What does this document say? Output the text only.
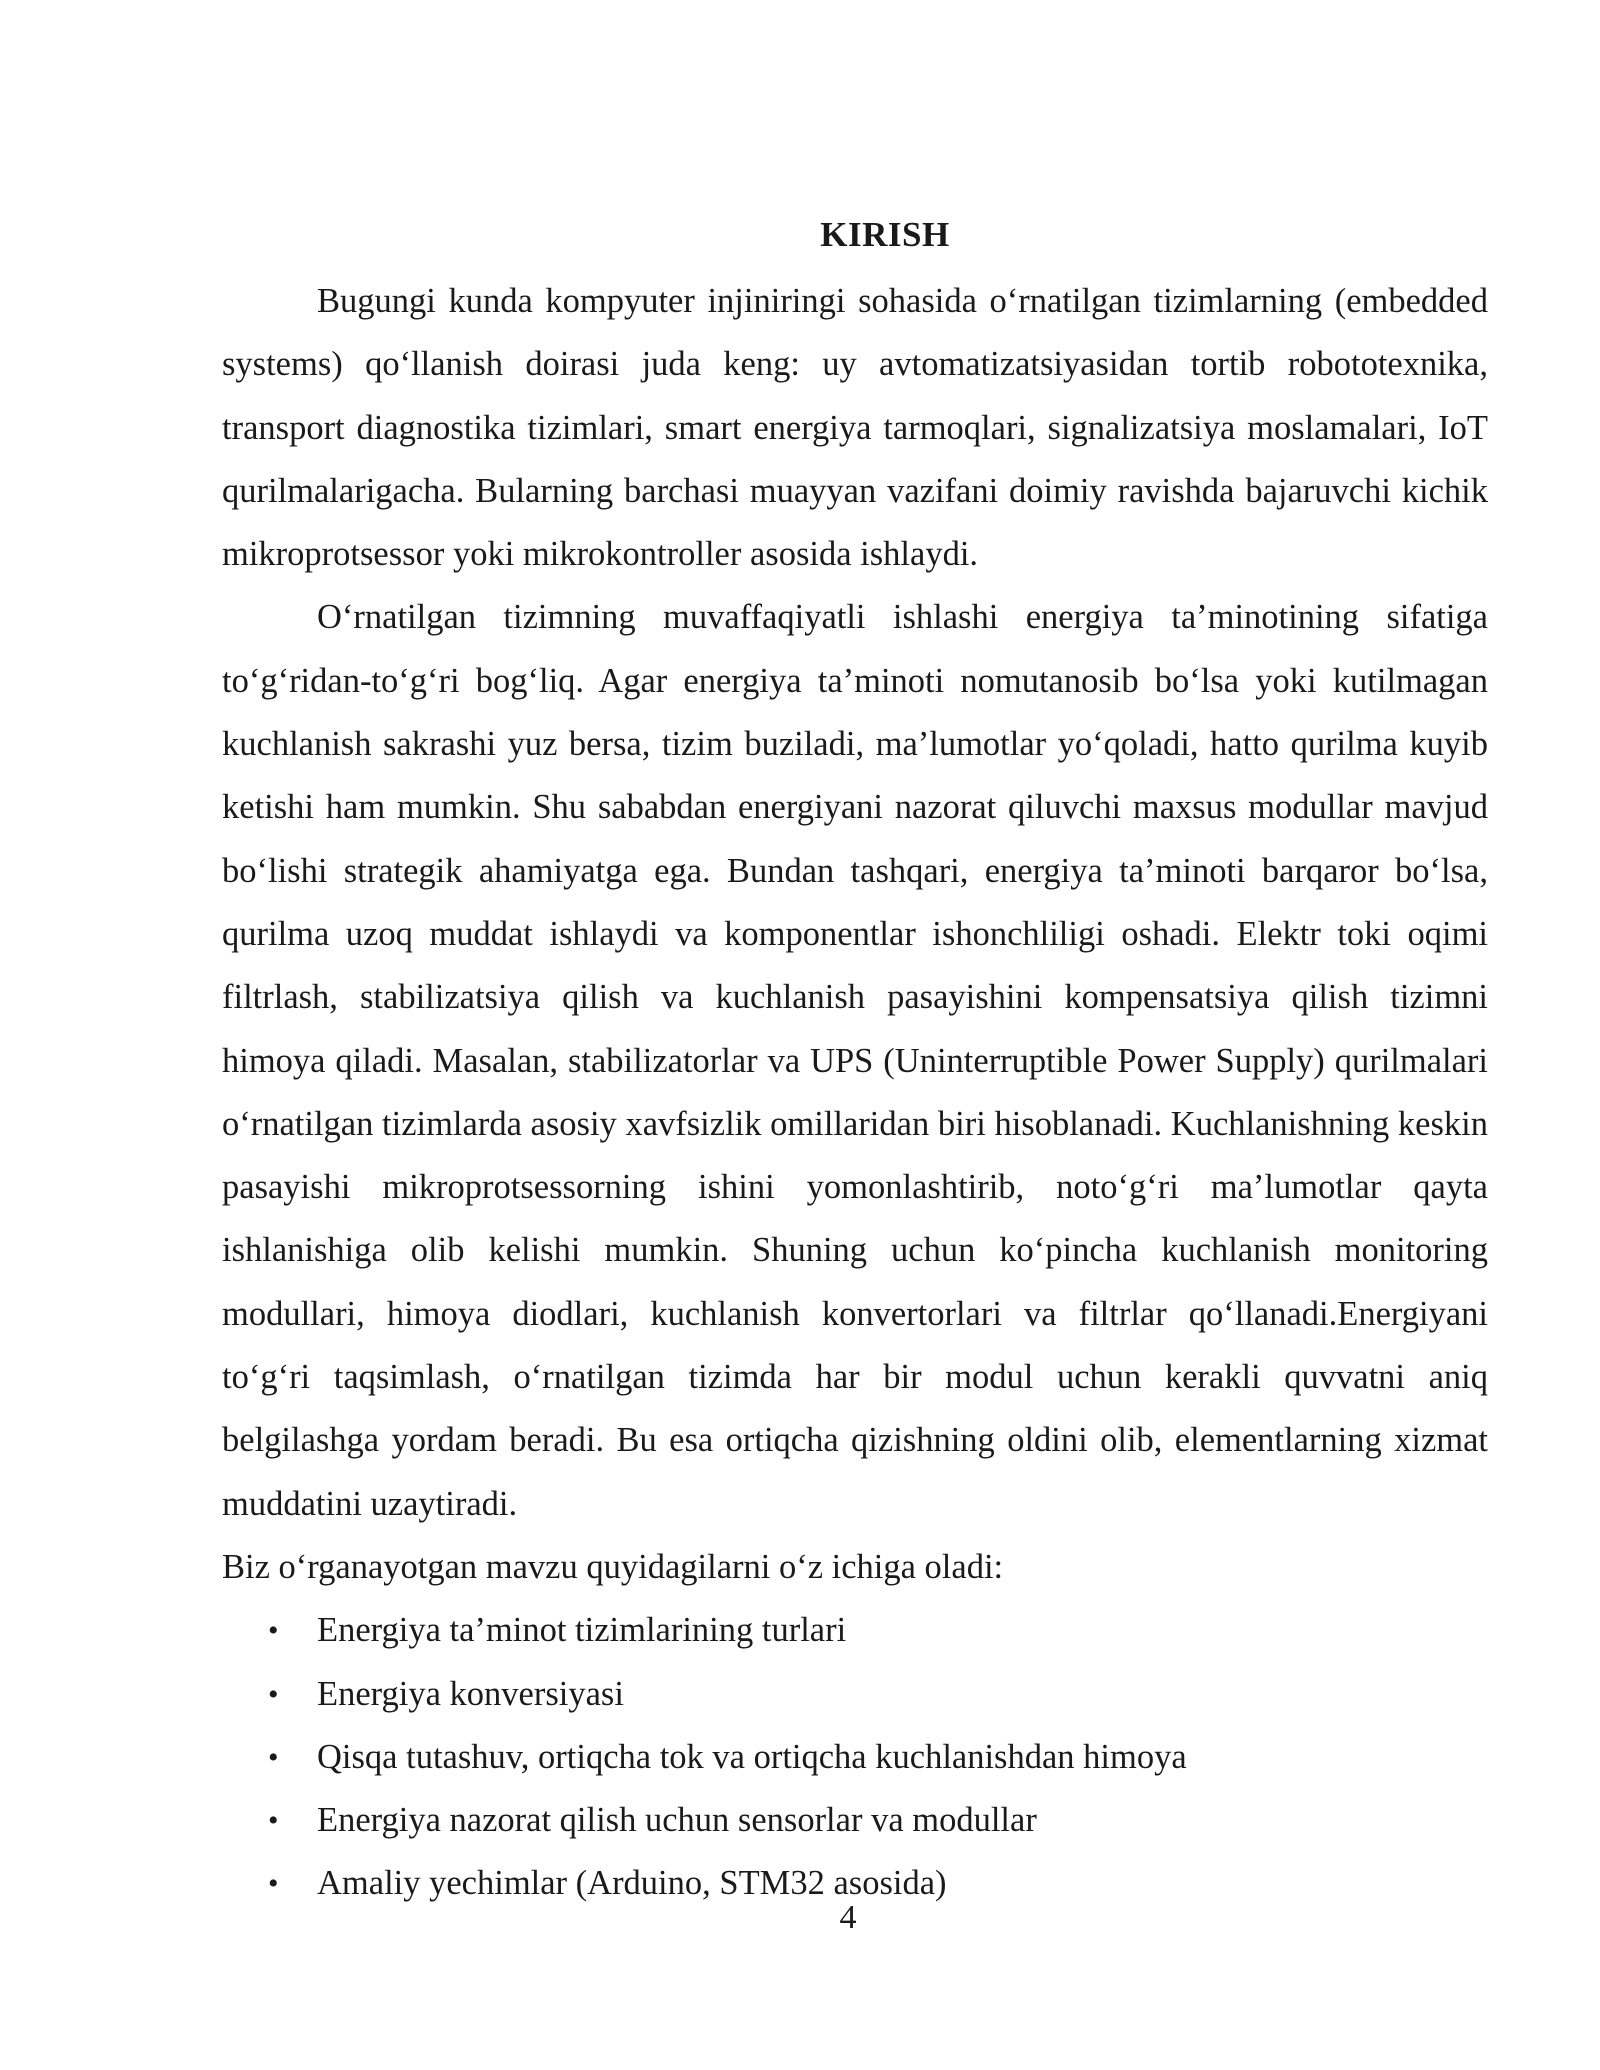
KIRISH

Bugungi kunda kompyuter injiniringi sohasida o‘rnatilgan tizimlarning (embedded systems) qo‘llanish doirasi juda keng: uy avtomatizatsiyasidan tortib robototexnika, transport diagnostika tizimlari, smart energiya tarmoqlari, signalizatsiya moslamalari, IoT qurilmalarigacha. Bularning barchasi muayyan vazifani doimiy ravishda bajaruvchi kichik mikroprotsessor yoki mikrokontroller asosida ishlaydi.

O‘rnatilgan tizimning muvaffaqiyatli ishlashi energiya ta’minotining sifatiga to‘g‘ridan-to‘g‘ri bog‘liq. Agar energiya ta’minoti nomutanosib bo‘lsa yoki kutilmagan kuchlanish sakrashi yuz bersa, tizim buziladi, ma’lumotlar yo‘qoladi, hatto qurilma kuyib ketishi ham mumkin. Shu sababdan energiyani nazorat qiluvchi maxsus modullar mavjud bo‘lishi strategik ahamiyatga ega. Bundan tashqari, energiya ta’minoti barqaror bo‘lsa, qurilma uzoq muddat ishlaydi va komponentlar ishonchliligi oshadi. Elektr toki oqimi filtrlash, stabilizatsiya qilish va kuchlanish pasayishini kompensatsiya qilish tizimni himoya qiladi. Masalan, stabilizatorlar va UPS (Uninterruptible Power Supply) qurilmalari o‘rnatilgan tizimlarda asosiy xavfsizlik omillaridan biri hisoblanadi. Kuchlanishning keskin pasayishi mikroprotsessorning ishini yomonlashtirib, noto‘g‘ri ma’lumotlar qayta ishlanishiga olib kelishi mumkin. Shuning uchun ko‘pincha kuchlanish monitoring modullari, himoya diodlari, kuchlanish konvertorlari va filtrlar qo‘llanadi.Energiyani to‘g‘ri taqsimlash, o‘rnatilgan tizimda har bir modul uchun kerakli quvvatni aniq belgilashga yordam beradi. Bu esa ortiqcha qizishning oldini olib, elementlarning xizmat muddatini uzaytiradi.

Biz o‘rganayotgan mavzu quyidagilarni o‘z ichiga oladi:

• Energiya ta’minot tizimlarining turlari
• Energiya konversiyasi
• Qisqa tutashuv, ortiqcha tok va ortiqcha kuchlanishdan himoya
• Energiya nazorat qilish uchun sensorlar va modullar
• Amaliy yechimlar (Arduino, STM32 asosida)
4
